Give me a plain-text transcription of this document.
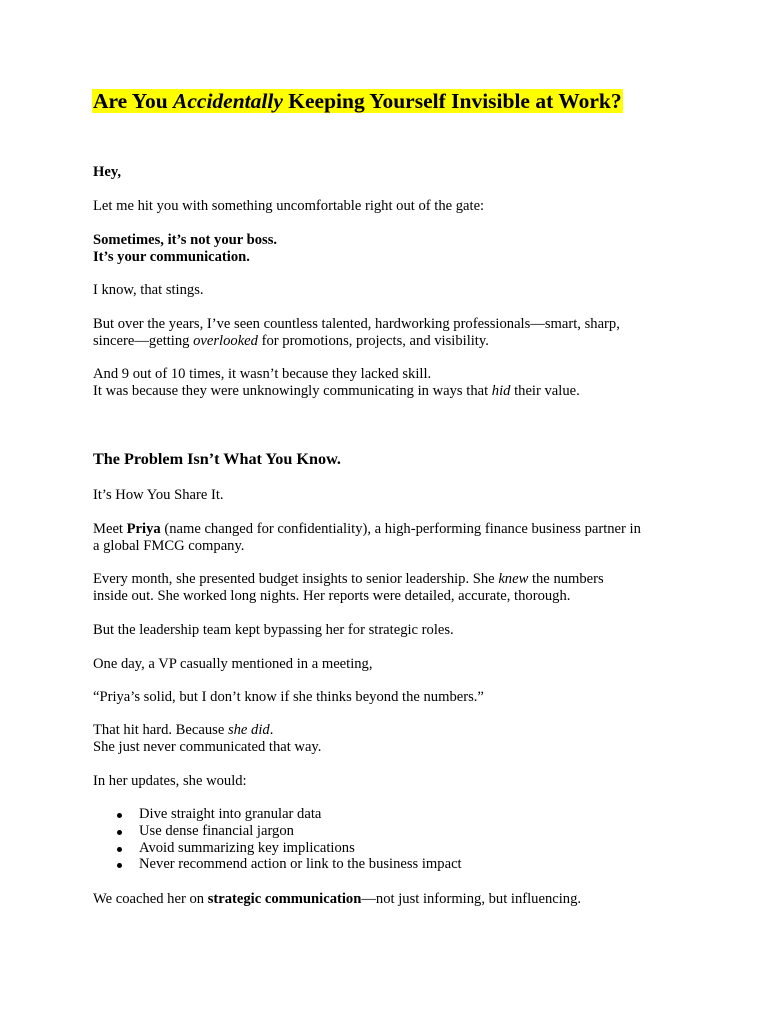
Are You Accidentally Keeping Yourself Invisible at Work?

Hey,

Let me hit you with something uncomfortable right out of the gate:

Sometimes, it’s not your boss.
It’s your communication.

I know, that stings.

But over the years, I’ve seen countless talented, hardworking professionals—smart, sharp,
sincere—getting overlooked for promotions, projects, and visibility.

And 9 out of 10 times, it wasn’t because they lacked skill.
It was because they were unknowingly communicating in ways that hid their value.

The Problem Isn’t What You Know.

It’s How You Share It.

Meet Priya (name changed for confidentiality), a high-performing finance business partner in
a global FMCG company.

Every month, she presented budget insights to senior leadership. She knew the numbers
inside out. She worked long nights. Her reports were detailed, accurate, thorough.

But the leadership team kept bypassing her for strategic roles.

One day, a VP casually mentioned in a meeting,

“Priya’s solid, but I don’t know if she thinks beyond the numbers.”

That hit hard. Because she did.
She just never communicated that way.

In her updates, she would:

Dive straight into granular data
Use dense financial jargon
Avoid summarizing key implications
Never recommend action or link to the business impact

We coached her on strategic communication—not just informing, but influencing.
